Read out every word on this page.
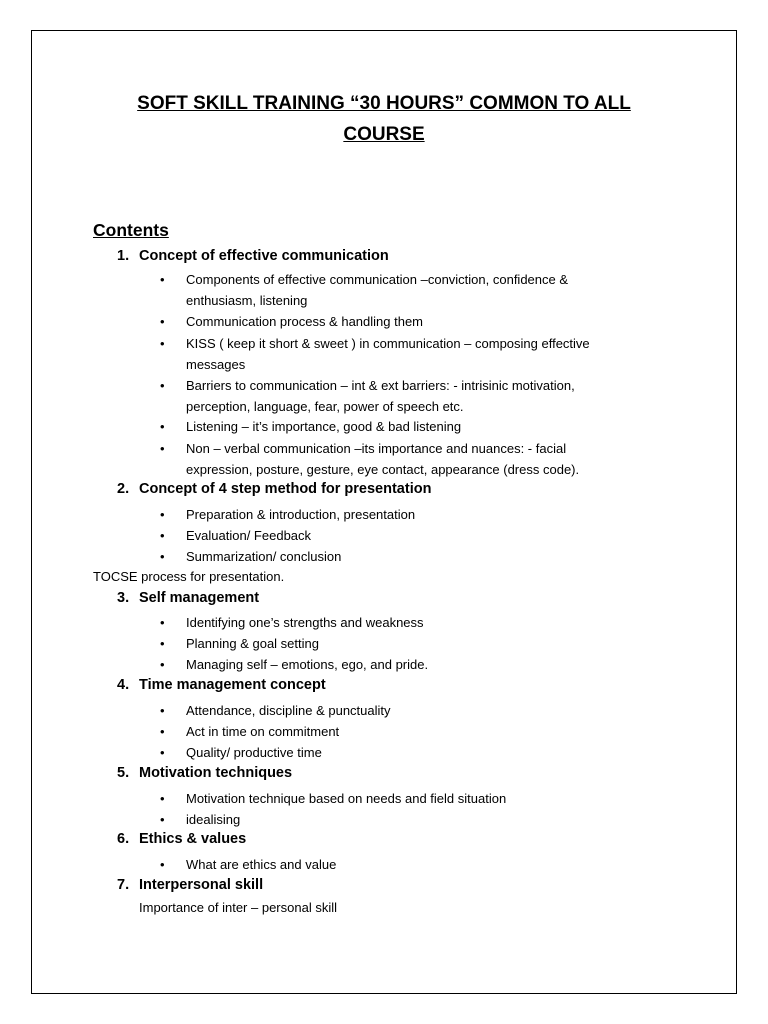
SOFT SKILL TRAINING “30 HOURS” COMMON TO ALL
COURSE
Contents
1. Concept of effective communication
• Components of effective communication –conviction, confidence &
enthusiasm, listening
• Communication process & handling them
• KISS ( keep it short & sweet ) in communication – composing effective
messages
• Barriers to communication – int & ext barriers: - intrisinic motivation,
perception, language, fear, power of speech etc.
• Listening – it’s importance, good & bad listening
• Non – verbal communication –its importance and nuances: - facial
expression, posture, gesture, eye contact, appearance (dress code).
2. Concept of 4 step method for presentation
• Preparation & introduction, presentation
• Evaluation/ Feedback
• Summarization/ conclusion
TOCSE process for presentation.
3. Self management
• Identifying one’s strengths and weakness
• Planning & goal setting
• Managing self – emotions, ego, and pride.
4. Time management concept
• Attendance, discipline & punctuality
• Act in time on commitment
• Quality/ productive time
5. Motivation techniques
• Motivation technique based on needs and field situation
• idealising
6. Ethics & values
• What are ethics and value
7. Interpersonal skill
Importance of inter – personal skill
